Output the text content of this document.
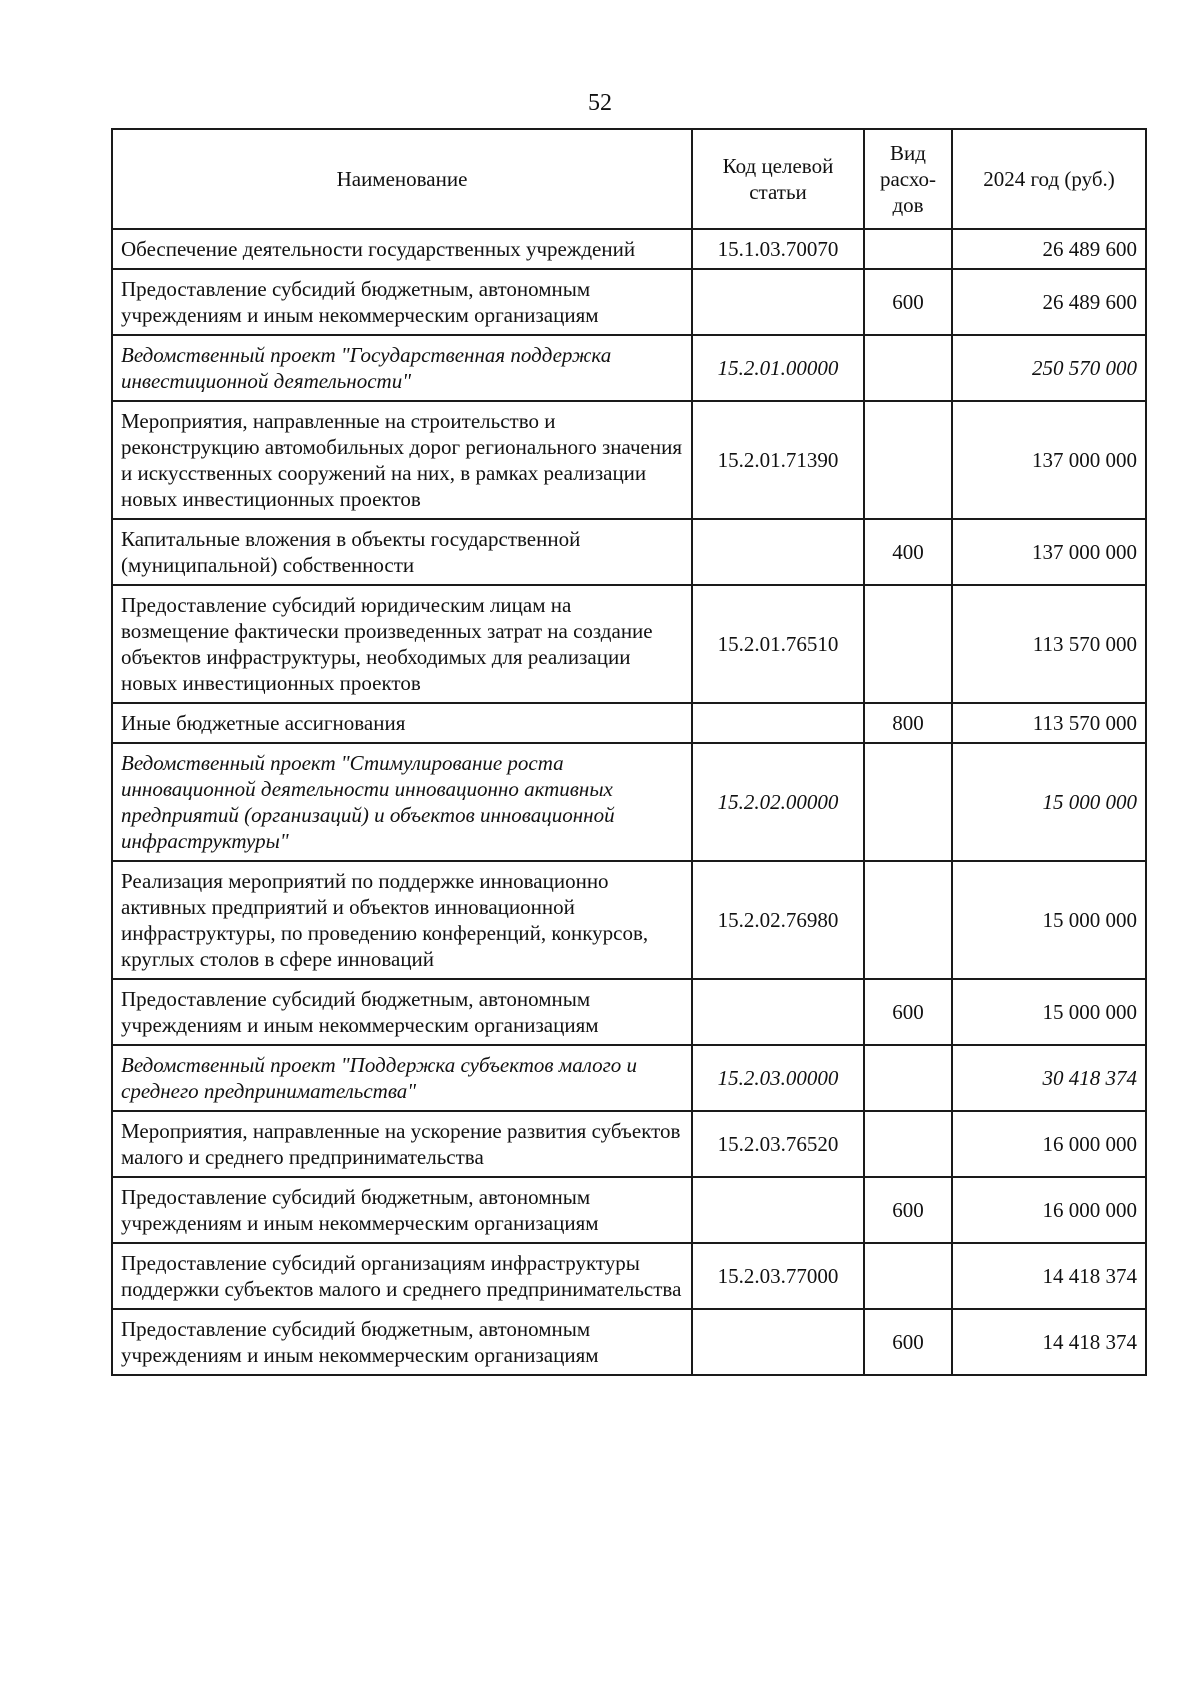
52
Наименование	Код целевой статьи	Вид расхо-дов	2024 год (руб.)
Обеспечение деятельности государственных учреждений	15.1.03.70070		26 489 600
Предоставление субсидий бюджетным, автономным учреждениям и иным некоммерческим организациям		600	26 489 600
Ведомственный проект "Государственная поддержка инвестиционной деятельности"	15.2.01.00000		250 570 000
Мероприятия, направленные на строительство и реконструкцию автомобильных дорог регионального значения и искусственных сооружений на них, в рамках реализации новых инвестиционных проектов	15.2.01.71390		137 000 000
Капитальные вложения в объекты государственной (муниципальной) собственности		400	137 000 000
Предоставление субсидий юридическим лицам на возмещение фактически произведенных затрат на создание объектов инфраструктуры, необходимых для реализации новых инвестиционных проектов	15.2.01.76510		113 570 000
Иные бюджетные ассигнования		800	113 570 000
Ведомственный проект "Стимулирование роста инновационной деятельности инновационно активных предприятий (организаций) и объектов инновационной инфраструктуры"	15.2.02.00000		15 000 000
Реализация мероприятий по поддержке инновационно активных предприятий и объектов инновационной инфраструктуры, по проведению конференций, конкурсов, круглых столов в сфере инноваций	15.2.02.76980		15 000 000
Предоставление субсидий бюджетным, автономным учреждениям и иным некоммерческим организациям		600	15 000 000
Ведомственный проект "Поддержка субъектов малого и среднего предпринимательства"	15.2.03.00000		30 418 374
Мероприятия, направленные на ускорение развития субъектов малого и среднего предпринимательства	15.2.03.76520		16 000 000
Предоставление субсидий бюджетным, автономным учреждениям и иным некоммерческим организациям		600	16 000 000
Предоставление субсидий организациям инфраструктуры поддержки субъектов малого и среднего предпринимательства	15.2.03.77000		14 418 374
Предоставление субсидий бюджетным, автономным учреждениям и иным некоммерческим организациям		600	14 418 374
